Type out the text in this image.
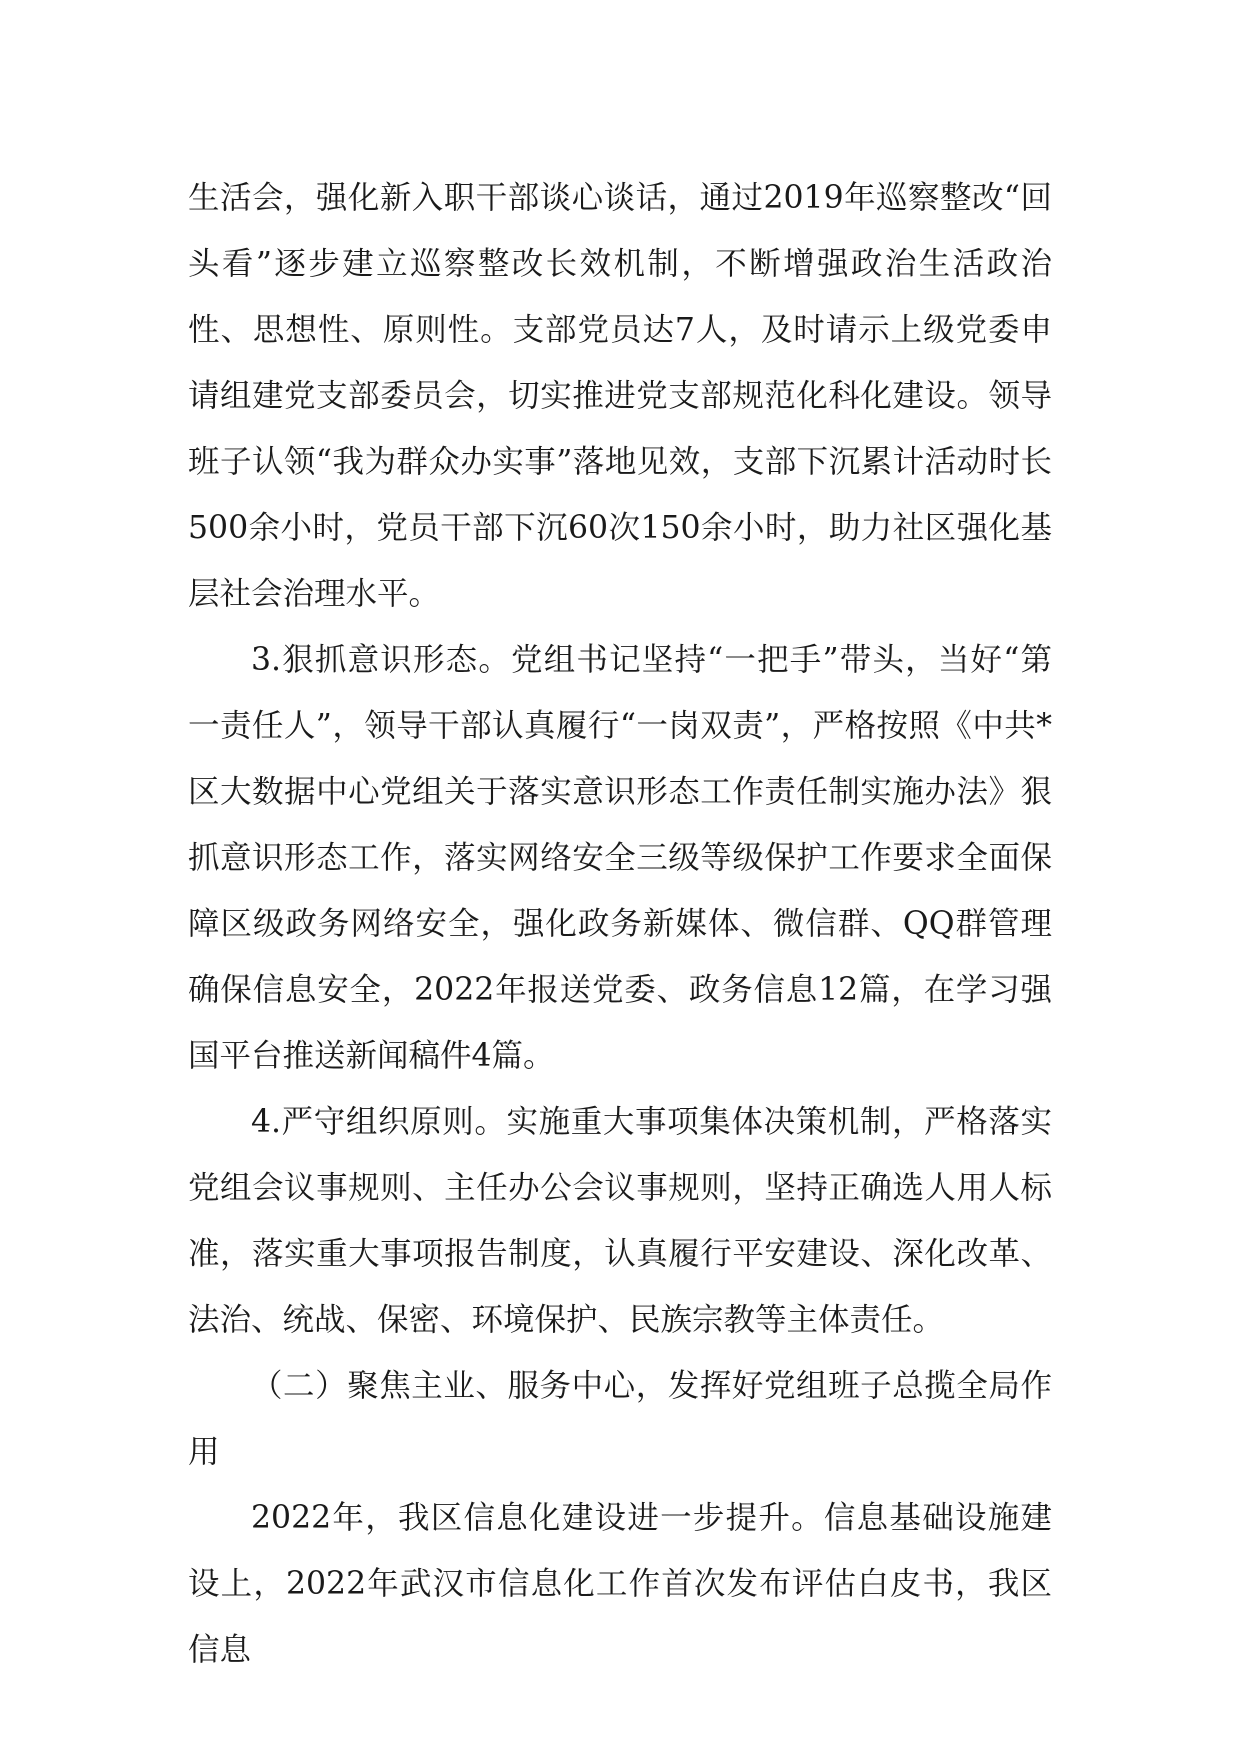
生活会，强化新入职干部谈心谈话，通过2019年巡察整改“回头看”逐步建立巡察整改长效机制，不断增强政治生活政治性、思想性、原则性。支部党员达7人，及时请示上级党委申请组建党支部委员会，切实推进党支部规范化科化建设。领导班子认领“我为群众办实事”落地见效，支部下沉累计活动时长500余小时，党员干部下沉60次150余小时，助力社区强化基层社会治理水平。

3.狠抓意识形态。党组书记坚持“一把手”带头，当好“第一责任人”，领导干部认真履行“一岗双责”，严格按照《中共*区大数据中心党组关于落实意识形态工作责任制实施办法》狠抓意识形态工作，落实网络安全三级等级保护工作要求全面保障区级政务网络安全，强化政务新媒体、微信群、QQ群管理确保信息安全，2022年报送党委、政务信息12篇，在学习强国平台推送新闻稿件4篇。

4.严守组织原则。实施重大事项集体决策机制，严格落实党组会议事规则、主任办公会议事规则，坚持正确选人用人标准，落实重大事项报告制度，认真履行平安建设、深化改革、法治、统战、保密、环境保护、民族宗教等主体责任。

（二）聚焦主业、服务中心，发挥好党组班子总揽全局作用

2022年，我区信息化建设进一步提升。信息基础设施建设上，2022年武汉市信息化工作首次发布评估白皮书，我区信息
